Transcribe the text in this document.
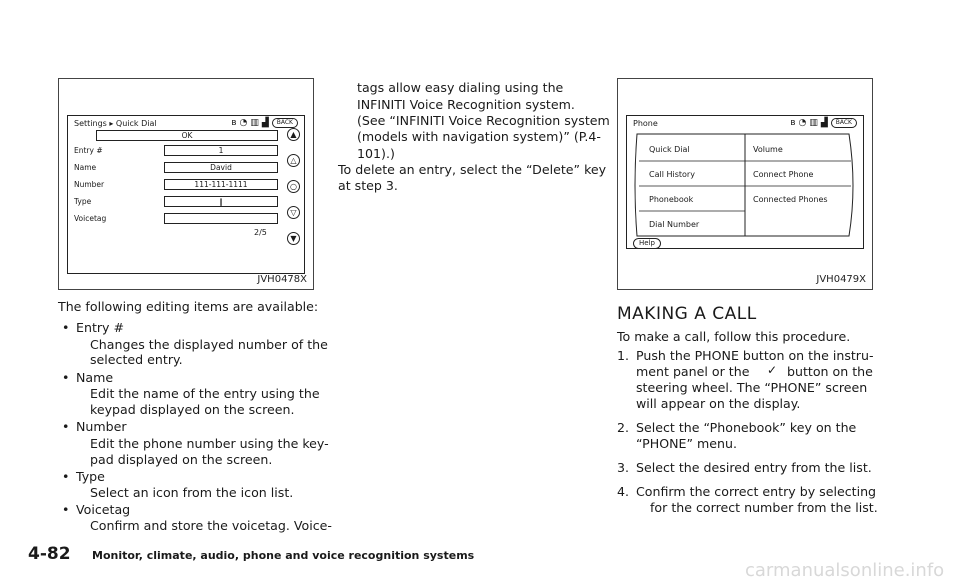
Settings ▸ Quick Dial	ʙ ◔ ▥ ▟	BACK
OK
Entry #	1
Name	David
Number	111-111-1111
Type	❙
Voicetag
2/5
▲
△
○
▽
▼
JVH0478X
Phone	ʙ ◔ ▥ ▟	BACK
Quick Dial
Call History
Phonebook
Dial Number
Volume
Connect Phone
Connected Phones
Help
JVH0479X
The following editing items are available:
• Entry #
Changes the displayed number of the
selected entry.
• Name
Edit the name of the entry using the
keypad displayed on the screen.
• Number
Edit the phone number using the key-
pad displayed on the screen.
• Type
Select an icon from the icon list.
• Voicetag
Confirm and store the voicetag. Voice-
tags allow easy dialing using the
INFINITI Voice Recognition system.
(See “INFINITI Voice Recognition system
(models with navigation system)” (P.4-
101).)
To delete an entry, select the “Delete” key
at step 3.
MAKING A CALL
To make a call, follow this procedure.
1. Push the PHONE button on the instru-
ment panel or the ✓ button on the
steering wheel. The “PHONE” screen
will appear on the display.
2. Select the “Phonebook” key on the
“PHONE” menu.
3. Select the desired entry from the list.
4. Confirm the correct entry by selecting
for the correct number from the list.
4-82 Monitor, climate, audio, phone and voice recognition systems
carmanualsonline.info
